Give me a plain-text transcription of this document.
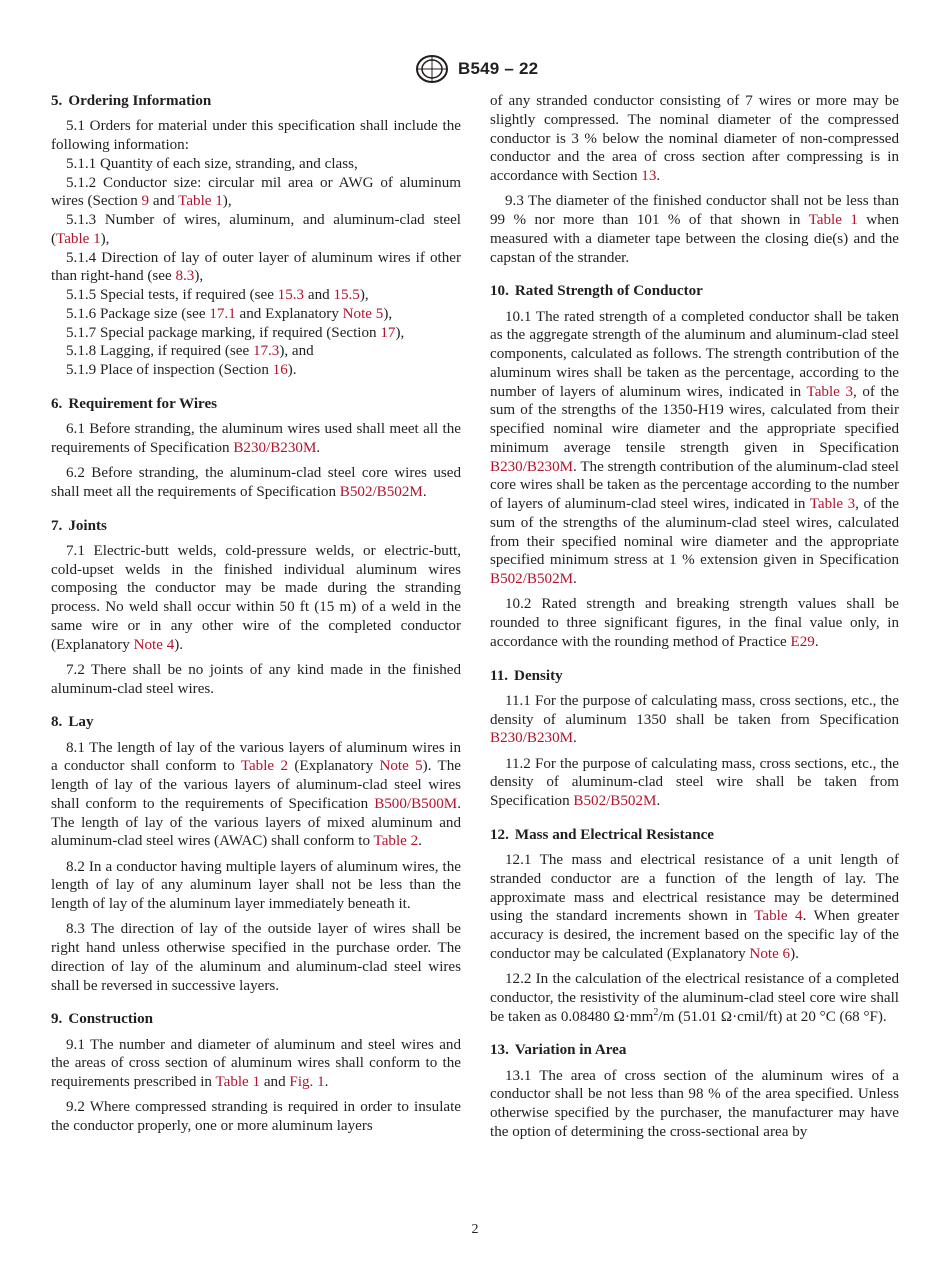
B549 – 22
5. Ordering Information

5.1 Orders for material under this specification shall include the following information:

5.1.1 Quantity of each size, stranding, and class,

5.1.2 Conductor size: circular mil area or AWG of aluminum wires (Section 9 and Table 1),

5.1.3 Number of wires, aluminum, and aluminum-clad steel (Table 1),

5.1.4 Direction of lay of outer layer of aluminum wires if other than right-hand (see 8.3),

5.1.5 Special tests, if required (see 15.3 and 15.5),

5.1.6 Package size (see 17.1 and Explanatory Note 5),

5.1.7 Special package marking, if required (Section 17),

5.1.8 Lagging, if required (see 17.3), and

5.1.9 Place of inspection (Section 16).

6. Requirement for Wires

6.1 Before stranding, the aluminum wires used shall meet all the requirements of Specification B230/B230M.

6.2 Before stranding, the aluminum-clad steel core wires used shall meet all the requirements of Specification B502/B502M.

7. Joints

7.1 Electric-butt welds, cold-pressure welds, or electric-butt, cold-upset welds in the finished individual aluminum wires composing the conductor may be made during the stranding process. No weld shall occur within 50 ft (15 m) of a weld in the same wire or in any other wire of the completed conductor (Explanatory Note 4).

7.2 There shall be no joints of any kind made in the finished aluminum-clad steel wires.

8. Lay

8.1 The length of lay of the various layers of aluminum wires in a conductor shall conform to Table 2 (Explanatory Note 5). The length of lay of the various layers of aluminum-clad steel wires shall conform to the requirements of Specification B500/B500M. The length of lay of the various layers of mixed aluminum and aluminum-clad steel wires (AWAC) shall conform to Table 2.

8.2 In a conductor having multiple layers of aluminum wires, the length of lay of any aluminum layer shall not be less than the length of lay of the aluminum layer immediately beneath it.

8.3 The direction of lay of the outside layer of wires shall be right hand unless otherwise specified in the purchase order. The direction of lay of the aluminum and aluminum-clad steel wires shall be reversed in successive layers.

9. Construction

9.1 The number and diameter of aluminum and steel wires and the areas of cross section of aluminum wires shall conform to the requirements prescribed in Table 1 and Fig. 1.

9.2 Where compressed stranding is required in order to insulate the conductor properly, one or more aluminum layers

of any stranded conductor consisting of 7 wires or more may be slightly compressed. The nominal diameter of the compressed conductor is 3 % below the nominal diameter of non-compressed conductor and the area of cross section after compressing is in accordance with Section 13.

9.3 The diameter of the finished conductor shall not be less than 99 % nor more than 101 % of that shown in Table 1 when measured with a diameter tape between the closing die(s) and the capstan of the strander.

10. Rated Strength of Conductor

10.1 The rated strength of a completed conductor shall be taken as the aggregate strength of the aluminum and aluminum-clad steel components, calculated as follows. The strength contribution of the aluminum wires shall be taken as the percentage, according to the number of layers of aluminum wires, indicated in Table 3, of the sum of the strengths of the 1350-H19 wires, calculated from their specified nominal wire diameter and the appropriate specified minimum average tensile strength given in Specification B230/B230M. The strength contribution of the aluminum-clad steel core wires shall be taken as the percentage according to the number of layers of aluminum-clad steel wires, indicated in Table 3, of the sum of the strengths of the aluminum-clad steel wires, calculated from their specified nominal wire diameter and the appropriate specified minimum stress at 1 % extension given in Specification B502/B502M.

10.2 Rated strength and breaking strength values shall be rounded to three significant figures, in the final value only, in accordance with the rounding method of Practice E29.

11. Density

11.1 For the purpose of calculating mass, cross sections, etc., the density of aluminum 1350 shall be taken from Specification B230/B230M.

11.2 For the purpose of calculating mass, cross sections, etc., the density of aluminum-clad steel wire shall be taken from Specification B502/B502M.

12. Mass and Electrical Resistance

12.1 The mass and electrical resistance of a unit length of stranded conductor are a function of the length of lay. The approximate mass and electrical resistance may be determined using the standard increments shown in Table 4. When greater accuracy is desired, the increment based on the specific lay of the conductor may be calculated (Explanatory Note 6).

12.2 In the calculation of the electrical resistance of a completed conductor, the resistivity of the aluminum-clad steel core wire shall be taken as 0.08480 $\Omega\cdot mm^2/m$ (51.01 Ω·cmil/ft) at 20 °C (68 °F).

13. Variation in Area

13.1 The area of cross section of the aluminum wires of a conductor shall be not less than 98 % of the area specified. Unless otherwise specified by the purchaser, the manufacturer may have the option of determining the cross-sectional area by

2
